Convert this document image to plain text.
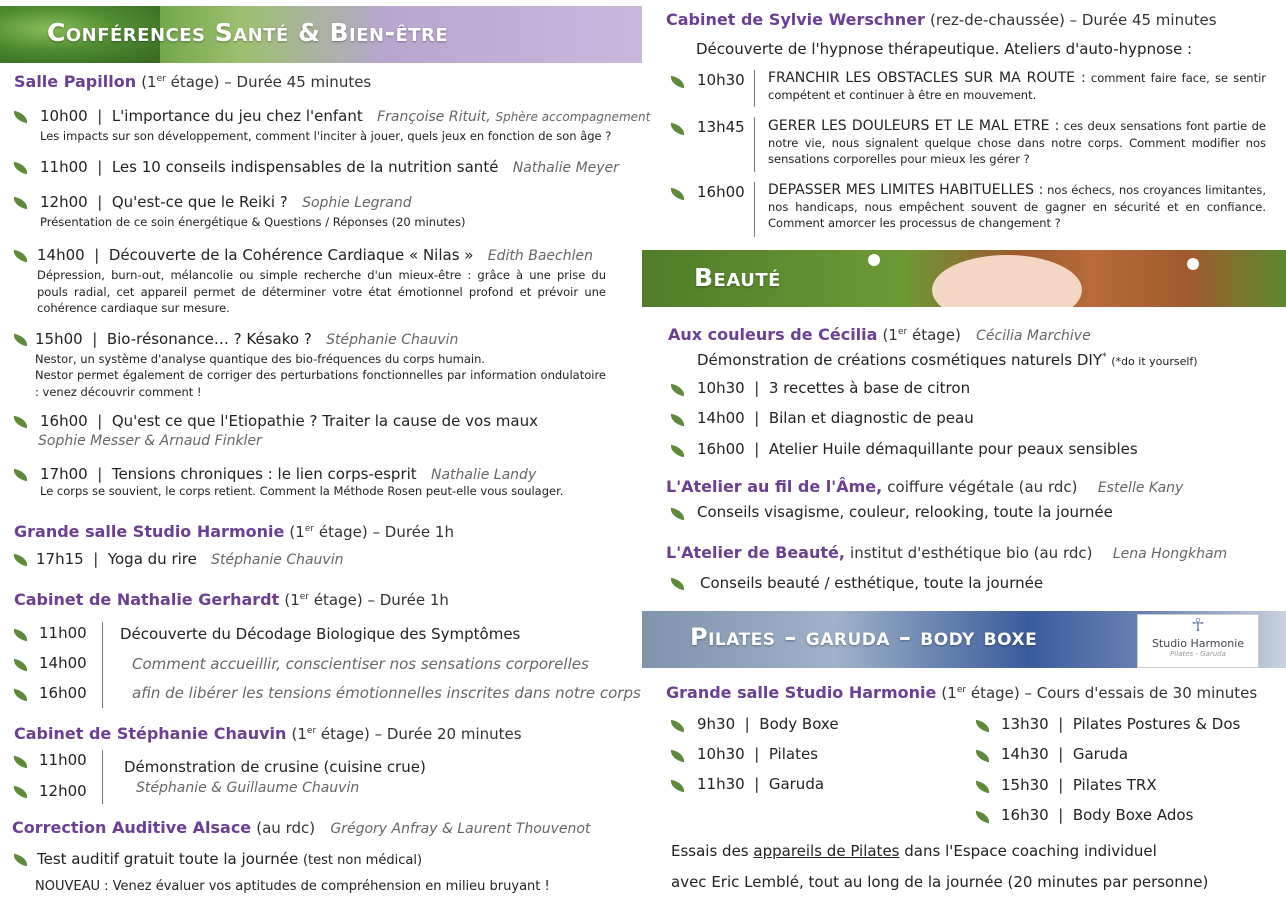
Conférences Santé & Bien-être
Salle Papillon (1er étage) – Durée 45 minutes
10h00  |  L'importance du jeu chez l'enfant Françoise Rituit, Sphère accompagnement
Les impacts sur son développement, comment l'inciter à jouer, quels jeux en fonction de son âge ?
11h00  |  Les 10 conseils indispensables de la nutrition santé Nathalie Meyer
12h00  |  Qu'est-ce que le Reiki ? Sophie Legrand
Présentation de ce soin énergétique & Questions / Réponses (20 minutes)
14h00  |  Découverte de la Cohérence Cardiaque « Nilas » Edith Baechlen
Dépression, burn-out, mélancolie ou simple recherche d'un mieux-être : grâce à une prise du pouls radial, cet appareil permet de déterminer votre état émotionnel profond et prévoir une cohérence cardiaque sur mesure.
15h00  |  Bio-résonance… ? Késako ? Stéphanie Chauvin
Nestor, un système d'analyse quantique des bio-fréquences du corps humain.
Nestor permet également de corriger des perturbations fonctionnelles par information ondulatoire : venez découvrir comment !
16h00  |  Qu'est ce que l'Etiopathie ? Traiter la cause de vos maux
Sophie Messer & Arnaud Finkler
17h00  |  Tensions chroniques : le lien corps-esprit Nathalie Landy
Le corps se souvient, le corps retient. Comment la Méthode Rosen peut-elle vous soulager.
Grande salle Studio Harmonie (1er étage) – Durée 1h
17h15  |  Yoga du rire Stéphanie Chauvin
Cabinet de Nathalie Gerhardt (1er étage) – Durée 1h
11h00
14h00
16h00
Découverte du Décodage Biologique des Symptômes
Comment accueillir, conscientiser nos sensations corporelles
afin de libérer les tensions émotionnelles inscrites dans notre corps
Cabinet de Stéphanie Chauvin (1er étage) – Durée 20 minutes
11h00
12h00
Démonstration de crusine (cuisine crue)
Stéphanie & Guillaume Chauvin
Correction Auditive Alsace (au rdc) Grégory Anfray & Laurent Thouvenot
Test auditif gratuit toute la journée (test non médical)
NOUVEAU : Venez évaluer vos aptitudes de compréhension en milieu bruyant !
Cabinet de Sylvie Werschner (rez-de-chaussée) – Durée 45 minutes
Découverte de l'hypnose thérapeutique. Ateliers d'auto-hypnose :
10h30 FRANCHIR LES OBSTACLES SUR MA ROUTE : comment faire face, se sentir compétent et continuer à être en mouvement.
13h45 GERER LES DOULEURS ET LE MAL ETRE : ces deux sensations font partie de notre vie, nous signalent quelque chose dans notre corps. Comment modifier nos sensations corporelles pour mieux les gérer ?
16h00 DEPASSER MES LIMITES HABITUELLES : nos échecs, nos croyances limitantes, nos handicaps, nous empêchent souvent de gagner en sécurité et en confiance. Comment amorcer les processus de changement ?
Beauté
Aux couleurs de Cécilia (1er étage) Cécilia Marchive
Démonstration de créations cosmétiques naturels DIY* (*do it yourself)
10h30  |  3 recettes à base de citron
14h00  |  Bilan et diagnostic de peau
16h00  |  Atelier Huile démaquillante pour peaux sensibles
L'Atelier au fil de l'Âme, coiffure végétale (au rdc) Estelle Kany
Conseils visagisme, couleur, relooking, toute la journée
L'Atelier de Beauté, institut d'esthétique bio (au rdc) Lena Hongkham
Conseils beauté / esthétique, toute la journée
Pilates – garuda – body boxe	☥
Studio Harmonie
Pilates - Garuda
Grande salle Studio Harmonie (1er étage) – Cours d'essais de 30 minutes
9h30  |  Body Boxe
10h30  |  Pilates
11h30  |  Garuda
13h30  |  Pilates Postures & Dos
14h30  |  Garuda
15h30  |  Pilates TRX
16h30  |  Body Boxe Ados
Essais des appareils de Pilates dans l'Espace coaching individuel
avec Eric Lemblé, tout au long de la journée (20 minutes par personne)
